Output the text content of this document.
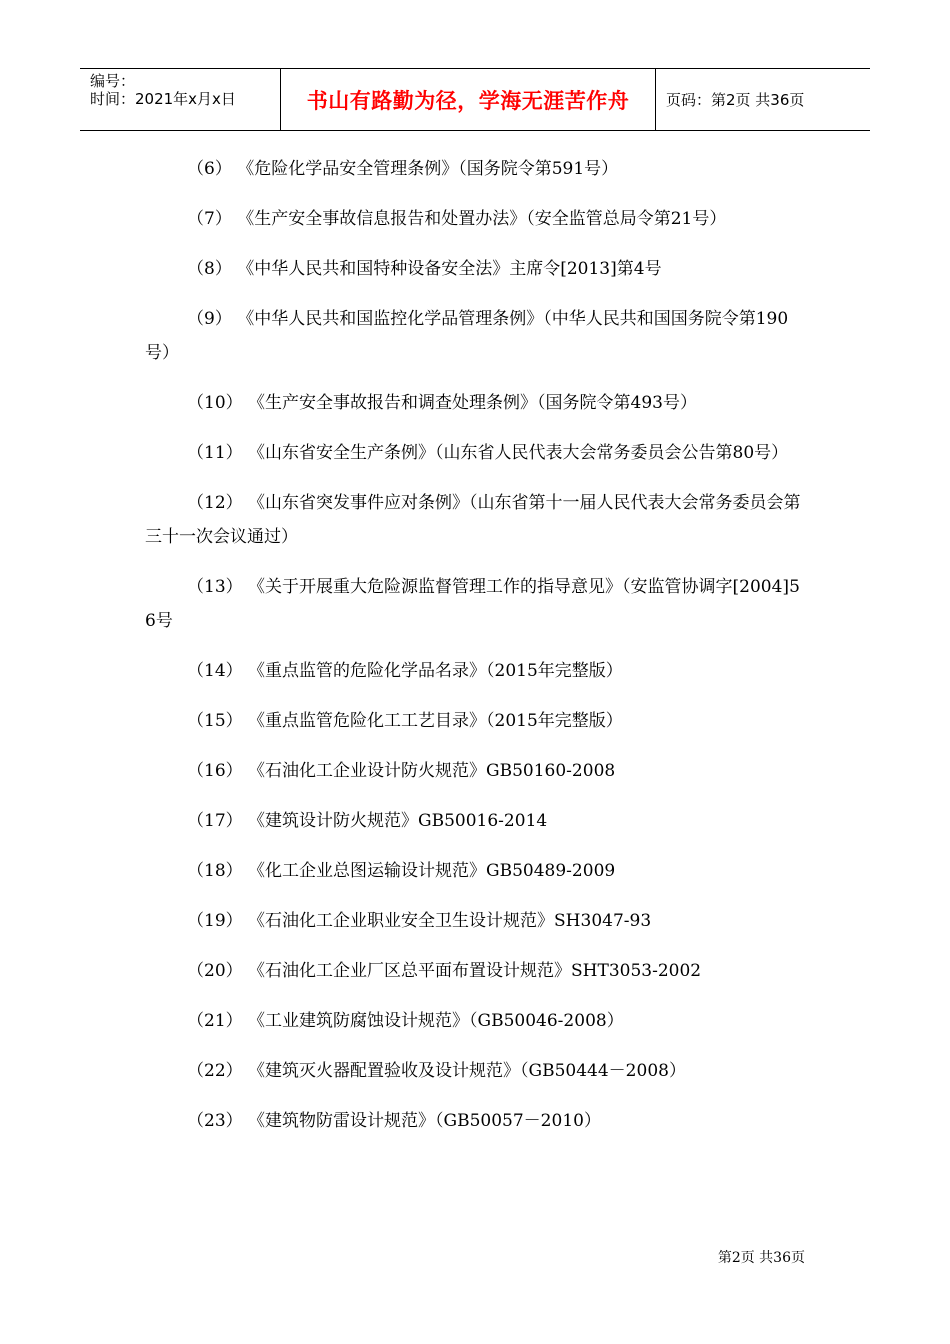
编号：
时间：2021年x月x日	书山有路勤为径，学海无涯苦作舟	页码：第2页 共36页

（6） 《危险化学品安全管理条例》（国务院令第591号）

（7） 《生产安全事故信息报告和处置办法》（安全监管总局令第21号）

（8） 《中华人民共和国特种设备安全法》主席令[2013]第4号

（9） 《中华人民共和国监控化学品管理条例》（中华人民共和国国务院令第190 号）

（10） 《生产安全事故报告和调查处理条例》（国务院令第493号）

（11） 《山东省安全生产条例》（山东省人民代表大会常务委员会公告第80号）

（12） 《山东省突发事件应对条例》（山东省第十一届人民代表大会常务委员会第三十一次会议通过）

（13） 《关于开展重大危险源监督管理工作的指导意见》（安监管协调字[2004]56号

（14） 《重点监管的危险化学品名录》（2015年完整版）

（15） 《重点监管危险化工工艺目录》（2015年完整版）

（16） 《石油化工企业设计防火规范》GB50160-2008

（17） 《建筑设计防火规范》GB50016-2014

（18） 《化工企业总图运输设计规范》GB50489-2009

（19） 《石油化工企业职业安全卫生设计规范》SH3047-93

（20） 《石油化工企业厂区总平面布置设计规范》SHT3053-2002

（21） 《工业建筑防腐蚀设计规范》（GB50046-2008）

（22） 《建筑灭火器配置验收及设计规范》（GB50444－2008）

（23） 《建筑物防雷设计规范》（GB50057－2010）

第2页 共36页
